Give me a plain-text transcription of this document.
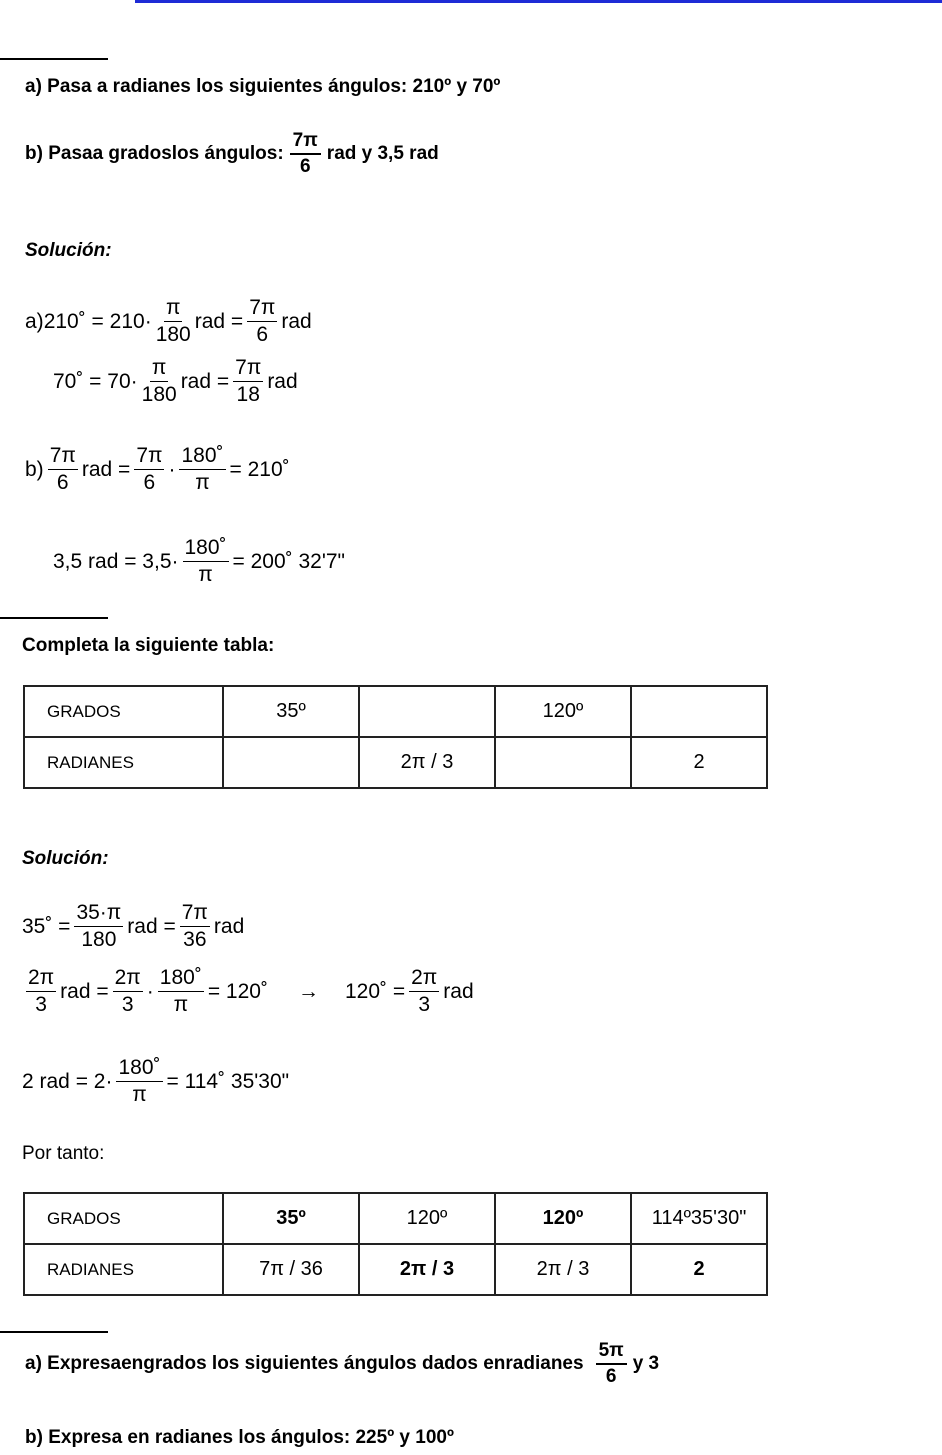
a) Pasa a radianes los siguientes ángulos: 210º y 70º
b) Pasaa gradoslos ángulos:
7π
6
rad y 3,5 rad
Solución:
a) 210˚ = $210\cdot \frac{\pi}{180}$ rad = $\frac{7\pi}{6}$ rad
70˚ = $70\cdot \frac{\pi}{180}$ rad = $\frac{7\pi}{18}$ rad
$b) \frac{7\pi}{6}$ rad = $\frac{7\pi}{6} \cdot \frac{180˚}{\pi}$ = 210˚
3,5 rad = $3,5\cdot \frac{180˚}{\pi}$ = 200˚ 32'7"
Completa la siguiente tabla:
GRADOS	35º		120º	
RADIANES		2π / 3		2
Solución:
35˚ = $\frac{35\cdot\pi}{180}$ rad = $\frac{7\pi}{36}$ rad
$\frac{2\pi}{3}$ rad = $\frac{2\pi}{3} \cdot \frac{180˚}{\pi}$ = 120˚ → 120˚ = $\frac{2\pi}{3}$ rad
2 rad = $2\cdot \frac{180˚}{\pi}$ = 114˚ 35'30"
Por tanto:
GRADOS	35º	120º	120º	114º35'30"
RADIANES	7π / 36	2π / 3	2π / 3	2
a) Expresaengrados los siguientes ángulos dados enradianes
5π
6
y 3
b) Expresa en radianes los ángulos: 225º y 100º
